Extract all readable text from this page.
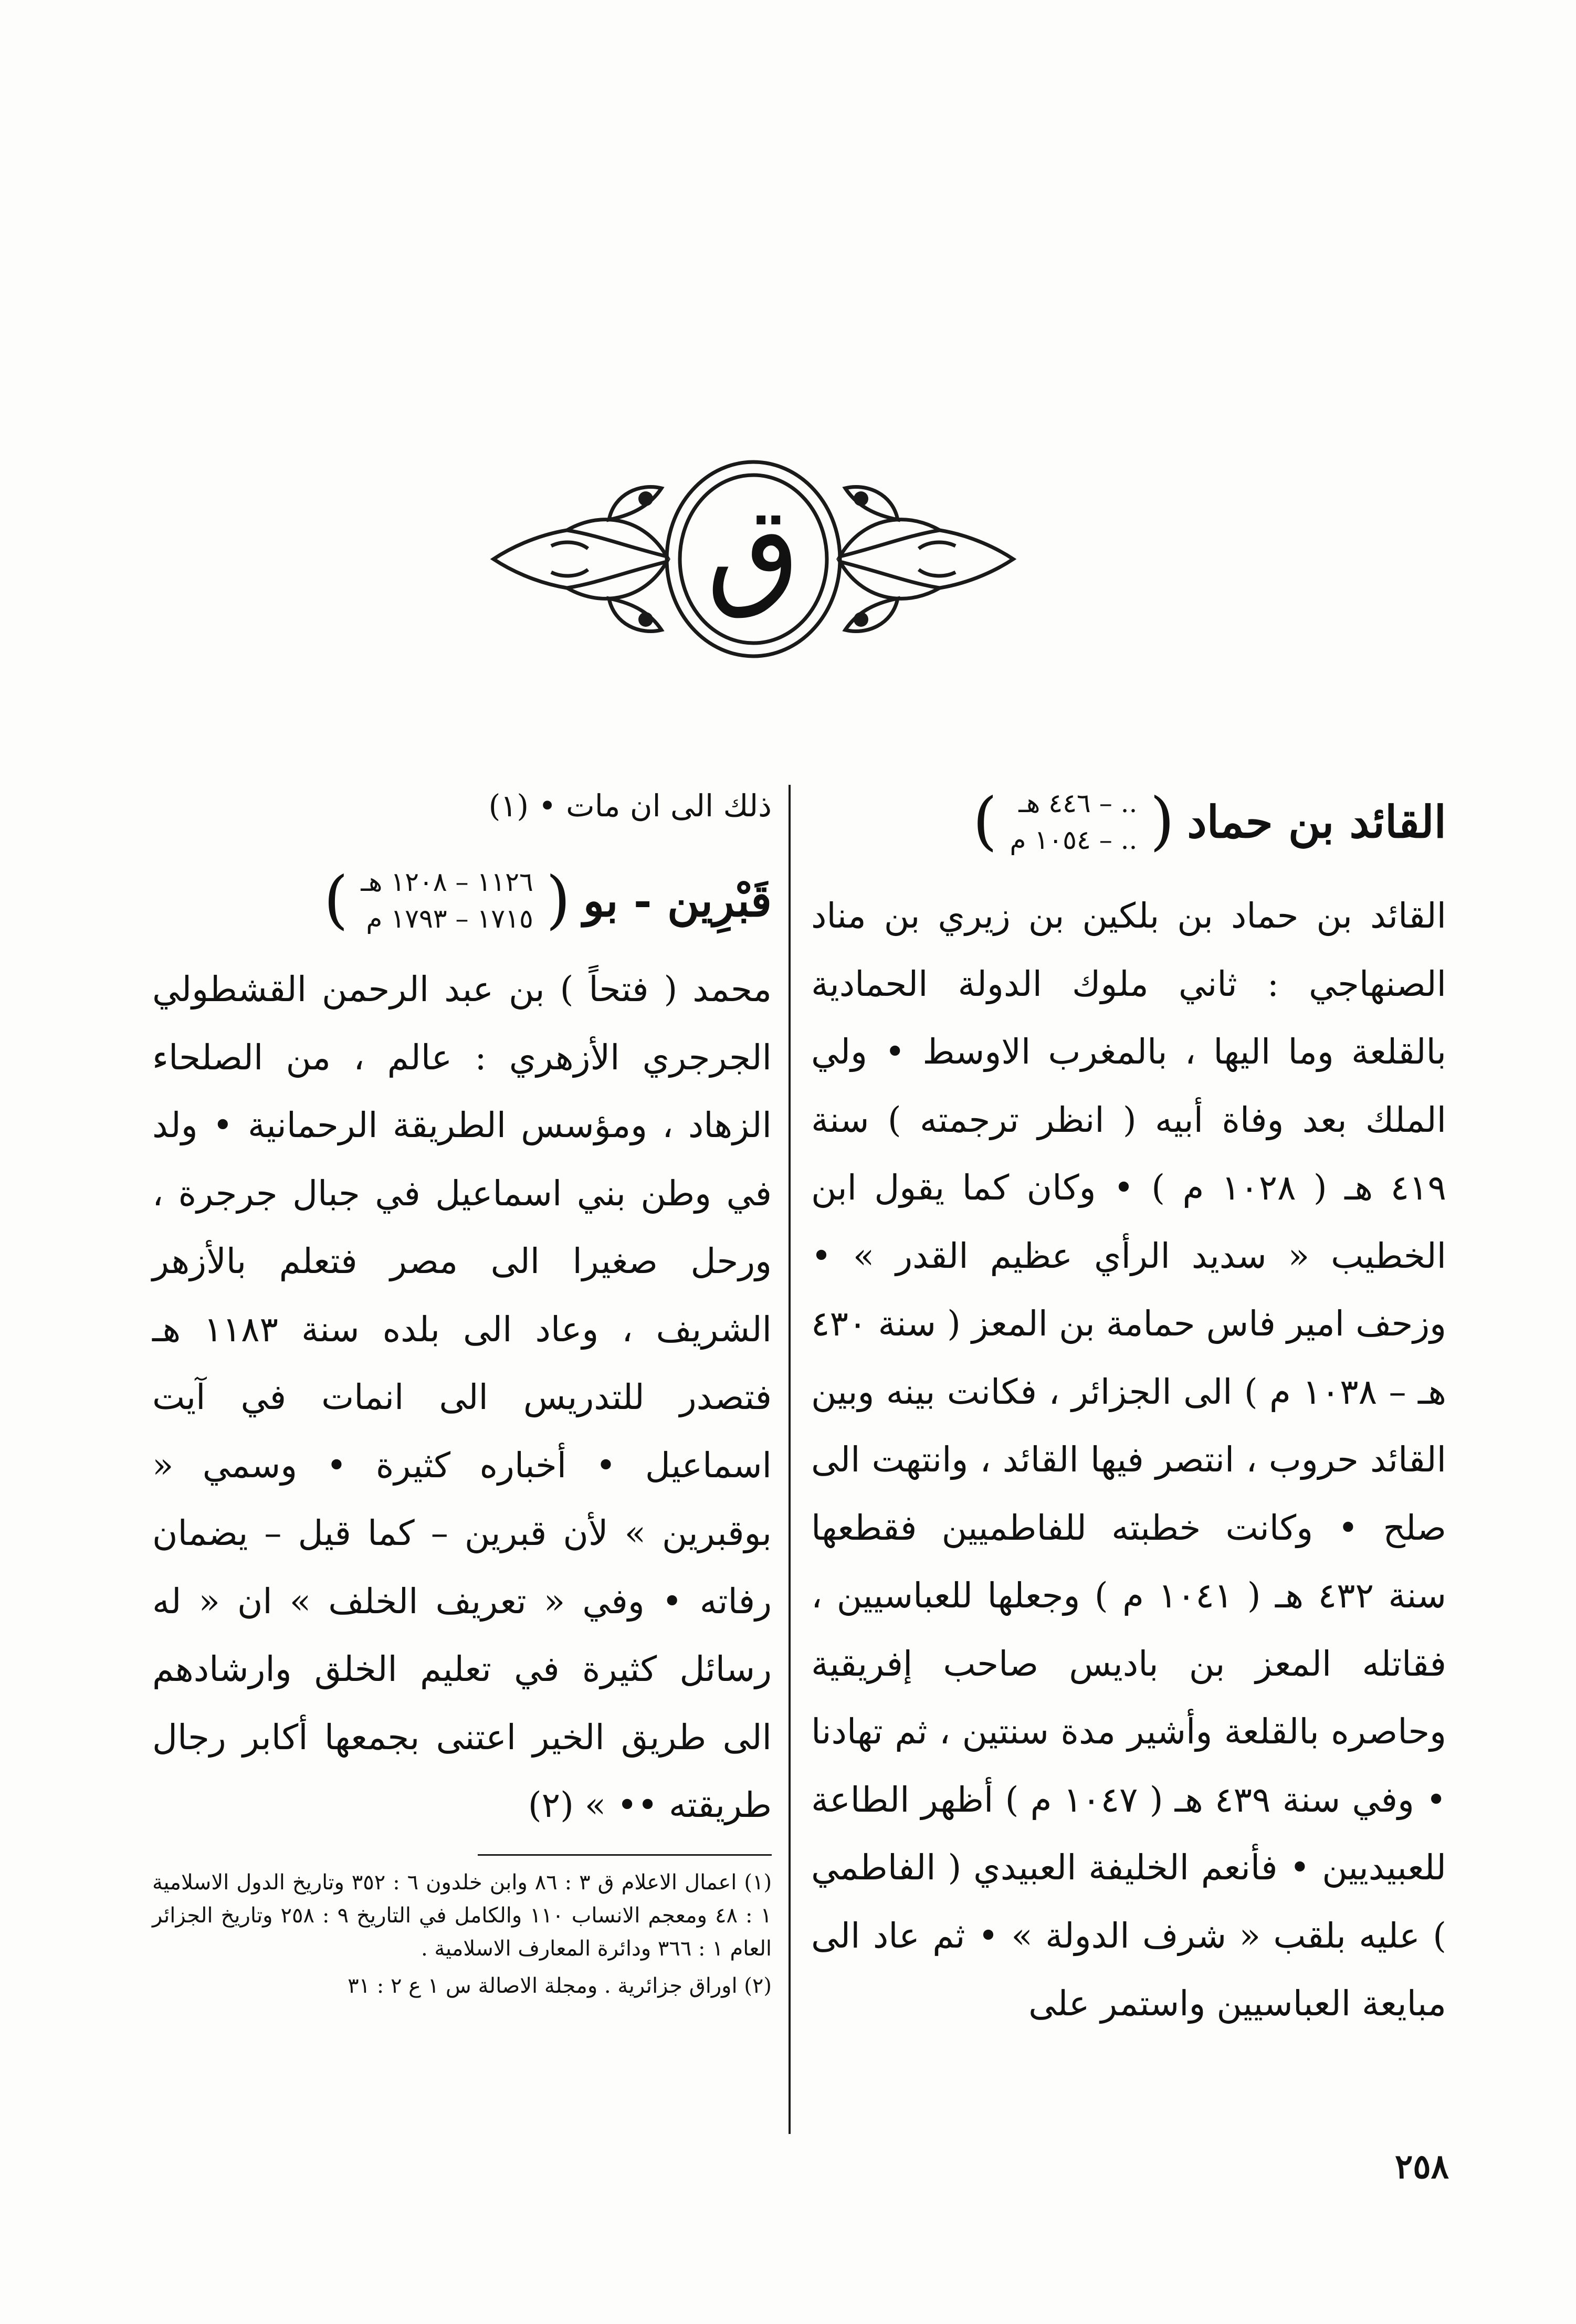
ق
القائد بن حماد
(
.. – ٤٤٦ هـ
.. – ١٠٥٤ م
)

القائد بن حماد بن بلكين بن زيري بن مناد الصنهاجي : ثاني ملوك الدولة الحمادية بالقلعة وما اليها ، بالمغرب الاوسط • ولي الملك بعد وفاة أبيه ( انظر ترجمته ) سنة ٤١٩ هـ ( ١٠٢٨ م ) • وكان كما يقول ابن الخطيب « سديد الرأي عظيم القدر » • وزحف امير فاس حمامة بن المعز ( سنة ٤٣٠ هـ – ١٠٣٨ م ) الى الجزائر ، فكانت بينه وبين القائد حروب ، انتصر فيها القائد ، وانتهت الى صلح • وكانت خطبته للفاطميين فقطعها سنة ٤٣٢ هـ ( ١٠٤١ م ) وجعلها للعباسيين ، فقاتله المعز بن باديس صاحب إفريقية وحاصره بالقلعة وأشير مدة سنتين ، ثم تهادنا • وفي سنة ٤٣٩ هـ ( ١٠٤٧ م ) أظهر الطاعة للعبيديين • فأنعم الخليفة العبيدي ( الفاطمي ) عليه بلقب « شرف الدولة » • ثم عاد الى مبايعة العباسيين واستمر على

ذلك الى ان مات • (١)
قَبْرِين - بو
(
١١٢٦ – ١٢٠٨ هـ
١٧١٥ – ١٧٩٣ م
)

محمد ( فتحاً ) بن عبد الرحمن القشطولي الجرجري الأزهري : عالم ، من الصلحاء الزهاد ، ومؤسس الطريقة الرحمانية • ولد في وطن بني اسماعيل في جبال جرجرة ، ورحل صغيرا الى مصر فتعلم بالأزهر الشريف ، وعاد الى بلده سنة ١١٨٣ هـ فتصدر للتدريس الى انمات في آيت اسماعيل • أخباره كثيرة • وسمي « بوقبرين » لأن قبرين – كما قيل – يضمان رفاته • وفي « تعريف الخلف » ان « له رسائل كثيرة في تعليم الخلق وارشادهم الى طريق الخير اعتنى بجمعها أكابر رجال طريقته •• » (٢)

(١) اعمال الاعلام ق ٣ : ٨٦ وابن خلدون ٦ : ٣٥٢ وتاريخ الدول الاسلامية ١ : ٤٨ ومعجم الانساب ١١٠ والكامل في التاريخ ٩ : ٢٥٨ وتاريخ الجزائر العام ١ : ٣٦٦ ودائرة المعارف الاسلامية .

(٢) اوراق جزائرية . ومجلة الاصالة س ١ ع ٢ : ٣١

٢٥٨
